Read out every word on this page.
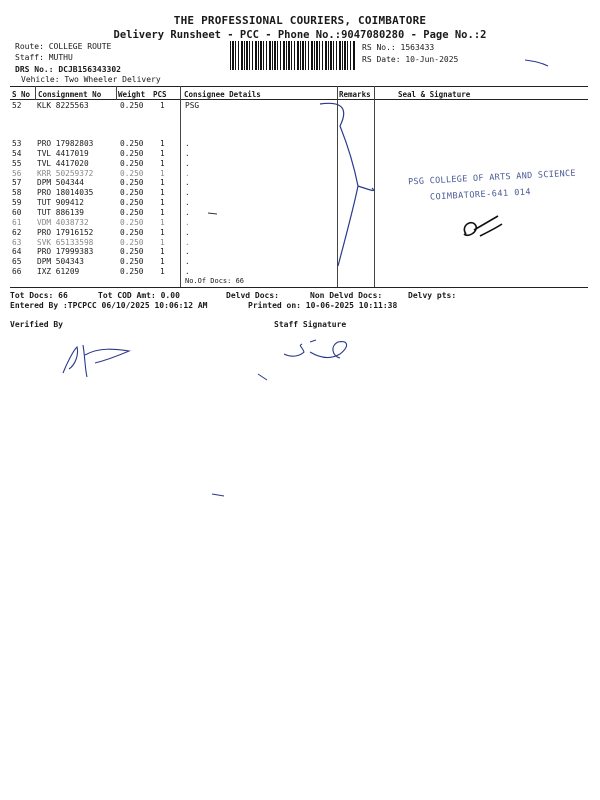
THE PROFESSIONAL COURIERS, COIMBATORE
Delivery Runsheet - PCC - Phone No.:9047080280 - Page No.:2
Route: COLLEGE ROUTE
Staff: MUTHU
DRS No.: DCJB156343302
Vehicle: Two Wheeler Delivery
RS No.: 1563433
RS Date: 10-Jun-2025
S No Consignment No Weight PCS Consignee Details	Remarks	Seal & Signature
52 KLK 8225563	0.250 1	PSG
53 PRO 17982803	0.250 1	.
54 TVL 4417019	0.250 1	.
55 TVL 4417020	0.250 1	.
56 KRR 50259372	0.250 1	.
57 DPM 504344	0.250 1	.
58 PRO 18014035	0.250 1	.
59 TUT 909412	0.250 1	.
60 TUT 886139	0.250 1	.
61 VDM 4038732	0.250 1	.
62 PRO 17916152	0.250 1	.
63 SVK 65133598	0.250 1	.
64 PRO 17999383	0.250 1	.
65 DPM 504343	0.250 1	.
66 IXZ 61209	0.250 1	.
No.Of Docs: 66
PSG COLLEGE OF ARTS AND SCIENCE
COIMBATORE-641 014
Tot Docs: 66	Tot COD Amt: 0.00	Delvd Docs:	Non Delvd Docs:	Delvy pts:
Entered By :TPCPCC 06/10/2025 10:06:12 AM	Printed on: 10-06-2025 10:11:38
Verified By	Staff Signature
